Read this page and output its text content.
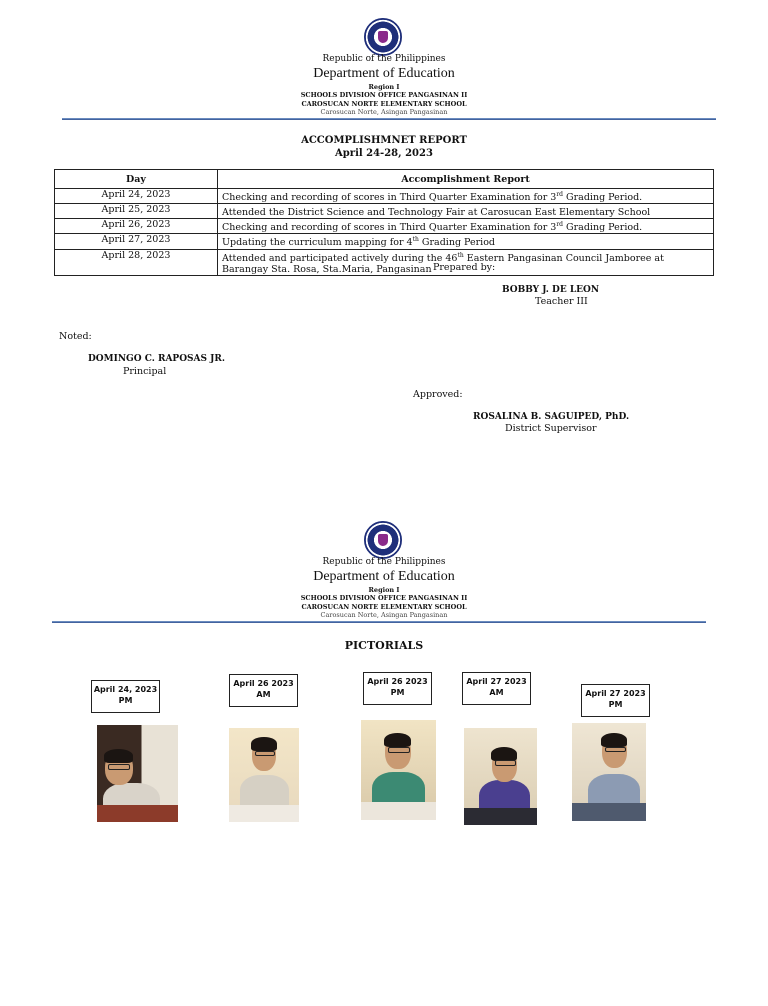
Republic of the Philippines
Department of Education
Region I
SCHOOLS DIVISION OFFICE PANGASINAN II
CAROSUCAN NORTE ELEMENTARY SCHOOL
Carosucan Norte, Asingan Pangasinan
ACCOMPLISHMNET REPORT
April 24-28, 2023
Day	Accomplishment Report
April 24, 2023	Checking and recording of scores in Third Quarter Examination for 3rd Grading Period.
April 25, 2023	Attended the District Science and Technology Fair at Carosucan East Elementary School
April 26, 2023	Checking and recording of scores in Third Quarter Examination for 3rd Grading Period.
April 27, 2023	Updating the curriculum mapping for 4th Grading Period
April 28, 2023	Attended and participated actively during the 46th Eastern Pangasinan Council Jamboree at Barangay Sta. Rosa, Sta.Maria, Pangasinan Prepared by:
BOBBY J. DE LEON
Teacher III
Noted:
DOMINGO C. RAPOSAS JR.
Principal
Approved:
ROSALINA B. SAGUIPED, PhD.
District Supervisor
Republic of the Philippines
Department of Education
Region I
SCHOOLS DIVISION OFFICE PANGASINAN II
CAROSUCAN NORTE ELEMENTARY SCHOOL
Carosucan Norte, Asingan Pangasinan
PICTORIALS
April 24, 2023
PM
April 26 2023
AM
April 26 2023
PM
April 27 2023
AM	April 27 2023
PM
